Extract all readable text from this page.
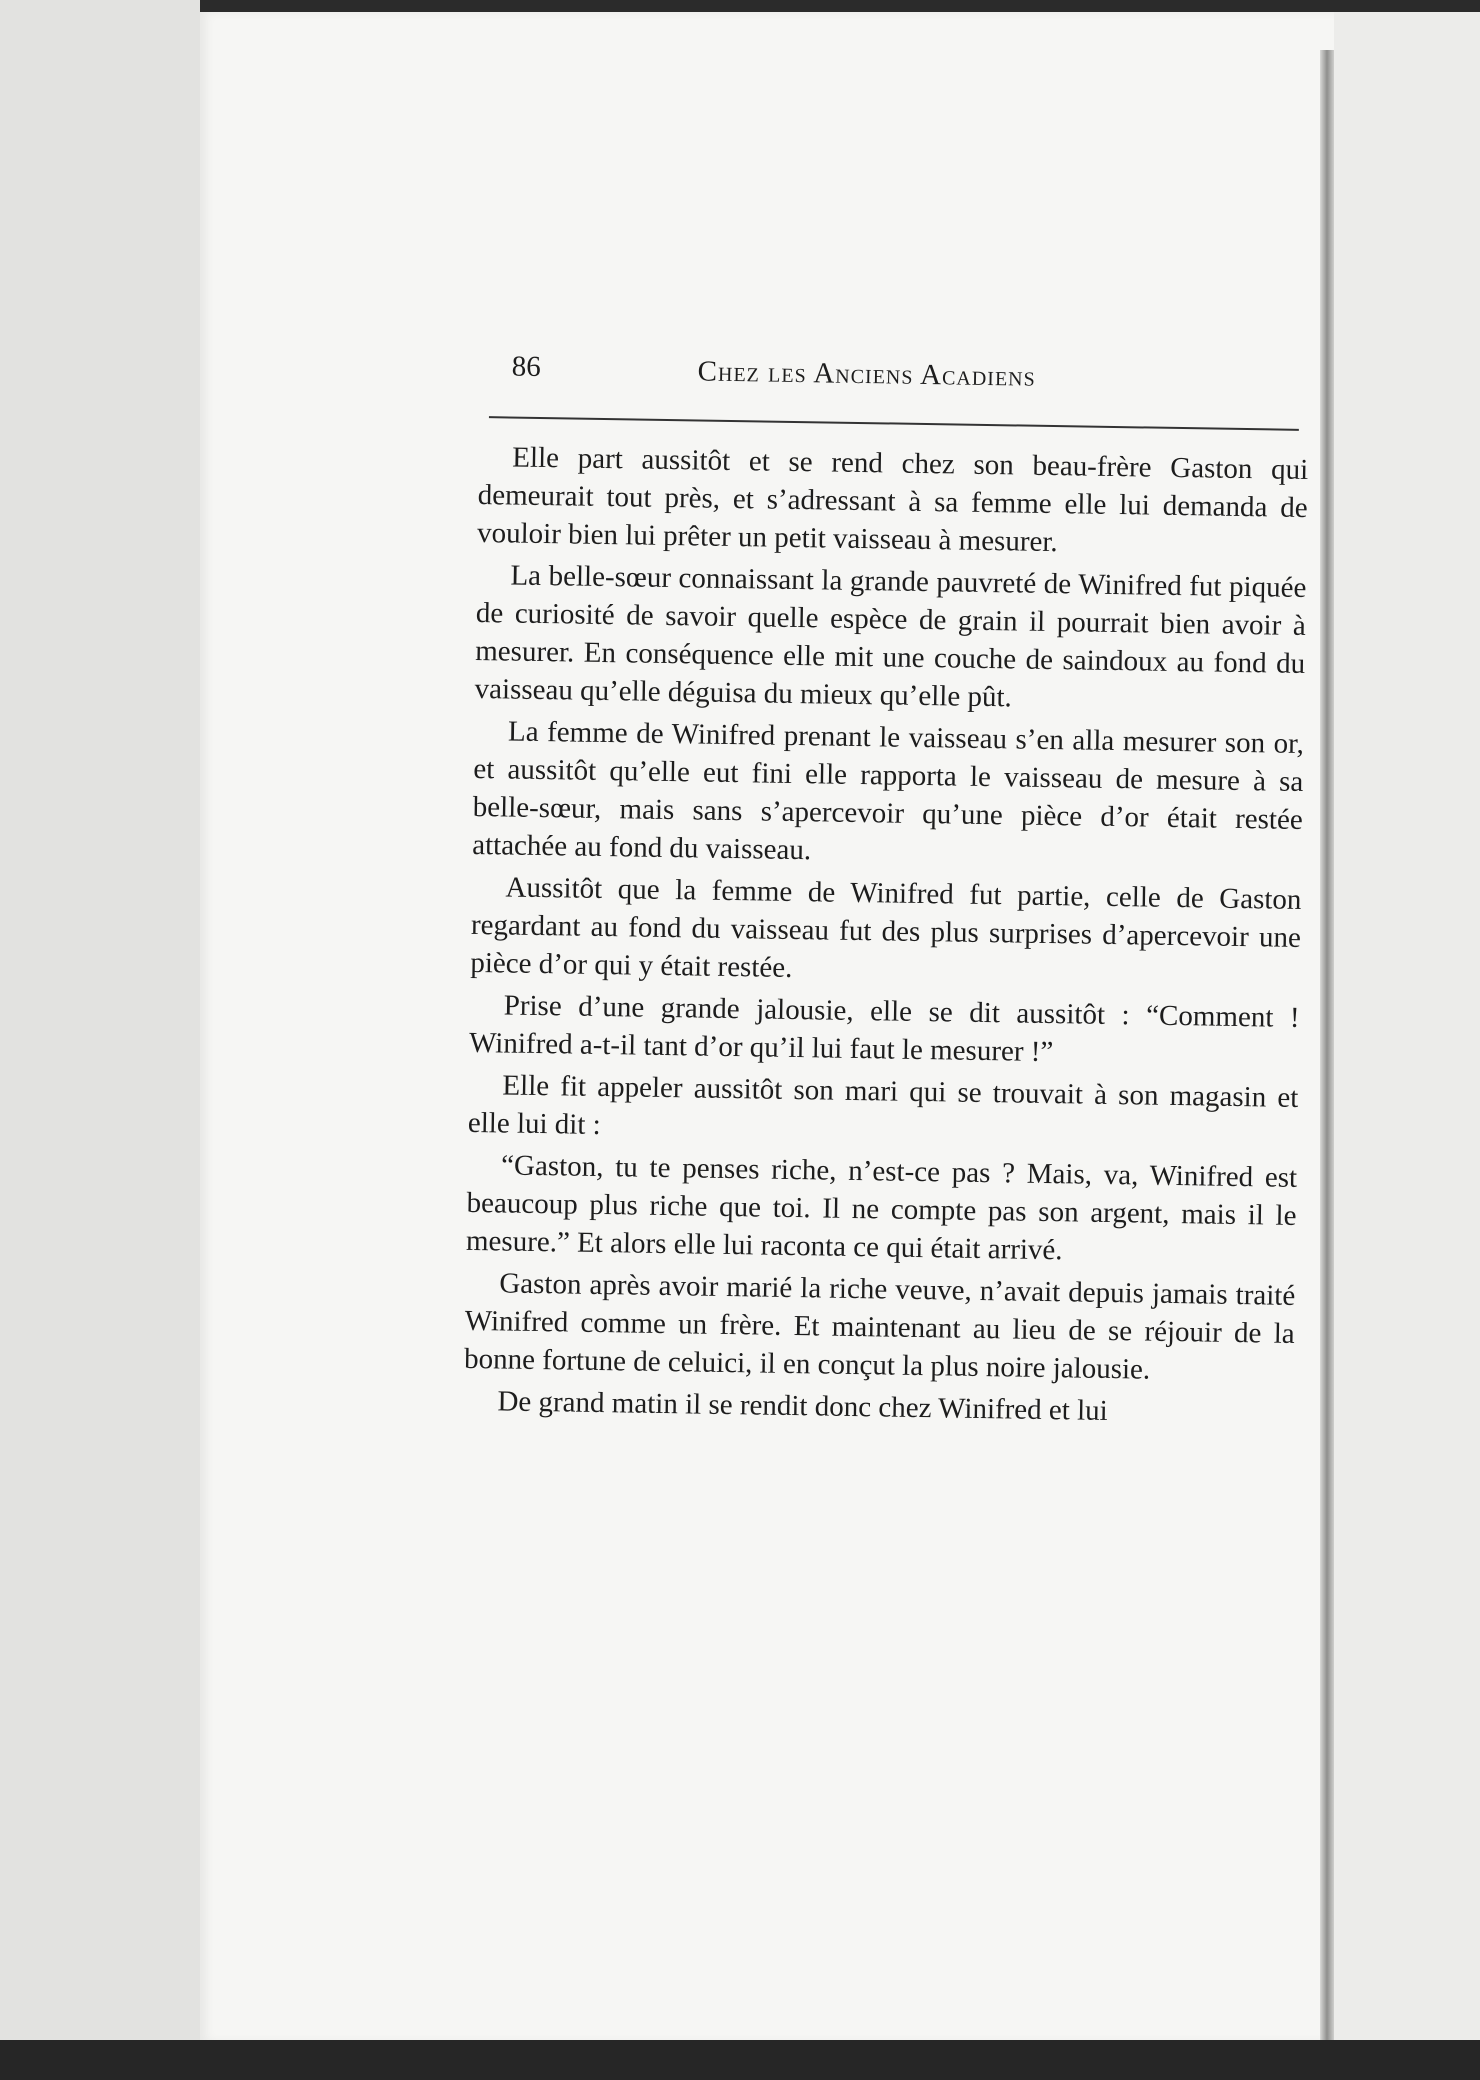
86	Chez les Anciens Acadiens

Elle part aussitôt et se rend chez son beau-frère Gaston qui demeurait tout près, et s’adressant à sa femme elle lui demanda de vouloir bien lui prêter un petit vaisseau à mesurer.

La belle-sœur connaissant la grande pauvreté de Winifred fut piquée de curiosité de savoir quelle espèce de grain il pourrait bien avoir à mesurer. En conséquence elle mit une couche de saindoux au fond du vaisseau qu’elle déguisa du mieux qu’elle pût.

La femme de Winifred prenant le vaisseau s’en alla mesurer son or, et aussitôt qu’elle eut fini elle rapporta le vaisseau de mesure à sa belle-sœur, mais sans s’apercevoir qu’une pièce d’or était restée attachée au fond du vaisseau.

Aussitôt que la femme de Winifred fut partie, celle de Gaston regardant au fond du vaisseau fut des plus surprises d’apercevoir une pièce d’or qui y était restée.

Prise d’une grande jalousie, elle se dit aussitôt : “Comment ! Winifred a-t-il tant d’or qu’il lui faut le mesurer !”

Elle fit appeler aussitôt son mari qui se trouvait à son magasin et elle lui dit :

“Gaston, tu te penses riche, n’est-ce pas ? Mais, va, Winifred est beaucoup plus riche que toi. Il ne compte pas son argent, mais il le mesure.” Et alors elle lui raconta ce qui était arrivé.

Gaston après avoir marié la riche veuve, n’avait depuis jamais traité Winifred comme un frère. Et maintenant au lieu de se réjouir de la bonne fortune de celuici, il en conçut la plus noire jalousie.

De grand matin il se rendit donc chez Winifred et lui
